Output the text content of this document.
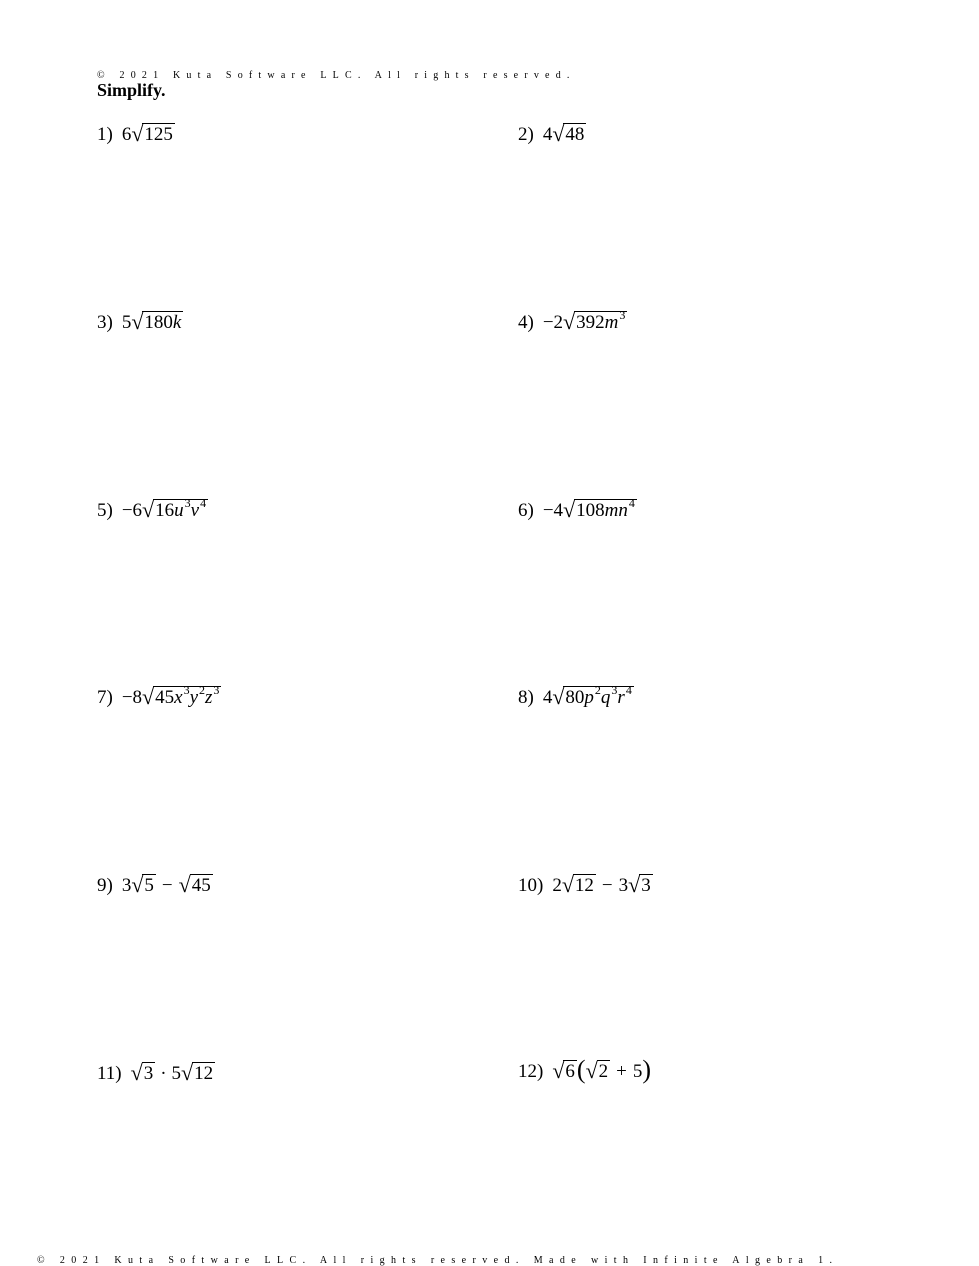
© 2021 Kuta Software LLC. All rights reserved.
Simplify.
1) 6 √ 125	2) 4 √ 48
3) 5 √ 180k	4) −2 √ $392m^3$
5) −6 √ $16u^3v^4$	6) −4 √ $108mn^4$
7) −8 √ $45x^3y^2z^3$	8) 4 √ $80p^2q^3r^4$
9) 3 √ 5 − √ 45	10) 2 √ 12 − 3 √ 3
11) √ 3 · 5 √ 12	12) √ 6 ( √ 2 + 5 )
© 2021 Kuta Software LLC. All rights reserved. Made with Infinite Algebra 1.
